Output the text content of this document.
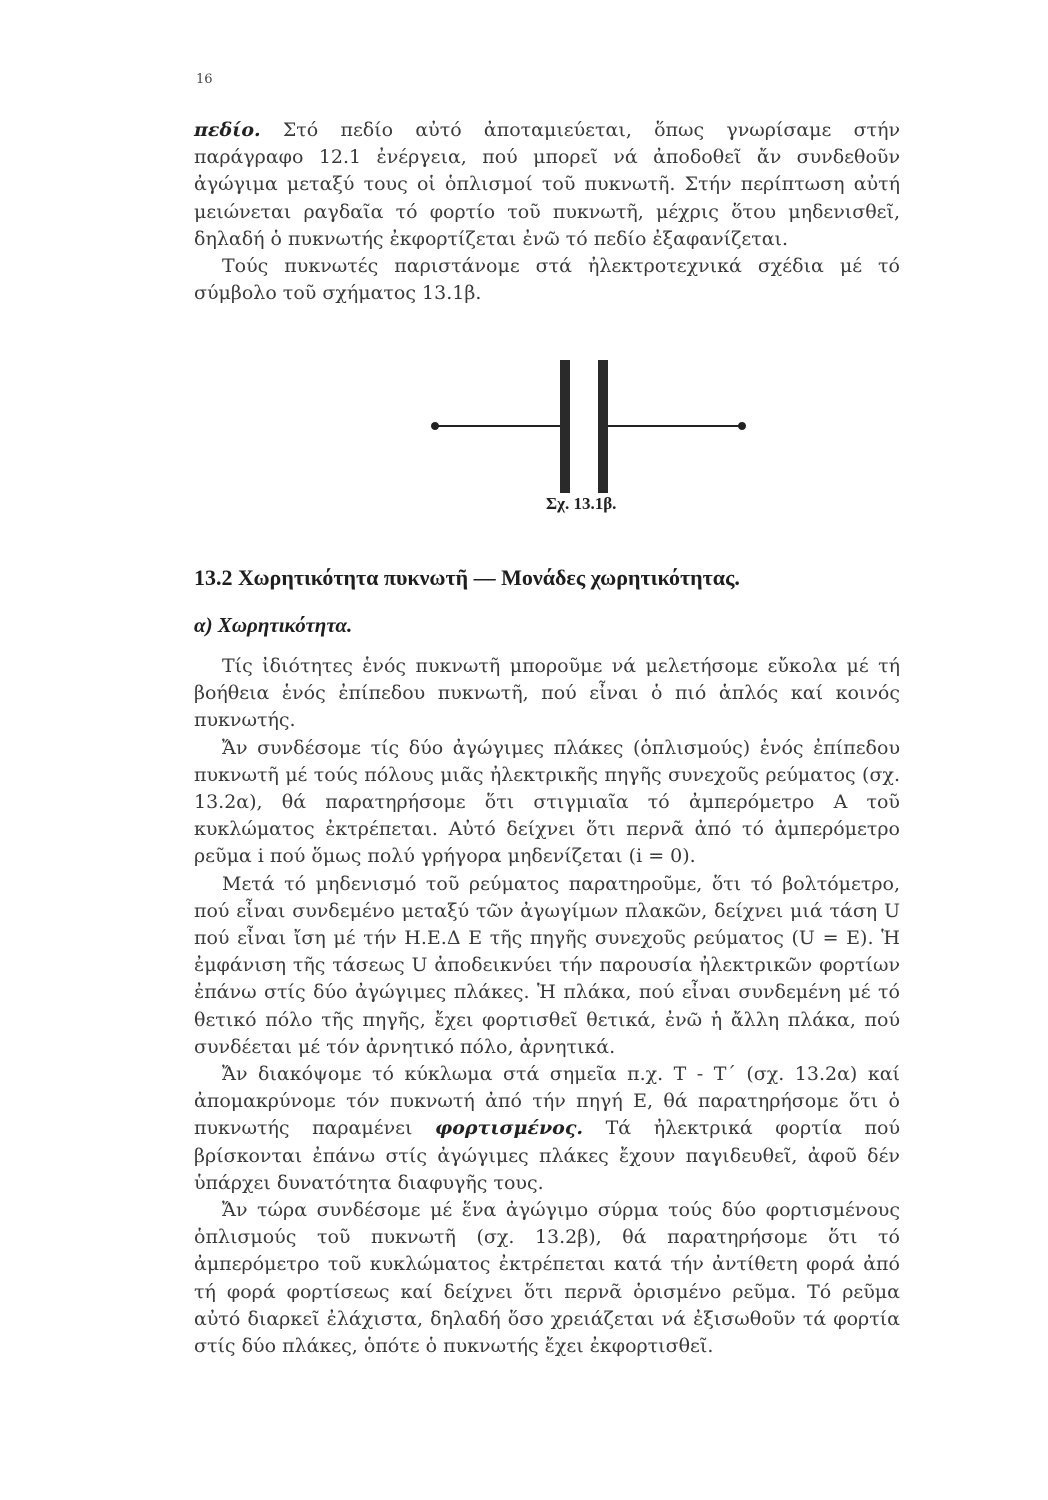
16

πεδίο. Στό πεδίο αὐτό ἀποταμιεύεται, ὅπως γνωρίσαμε στήν παράγραφο 12.1 ἐνέργεια, πού μπορεῖ νά ἀποδοθεῖ ἄν συνδεθοῦν ἀγώγιμα μεταξύ τους οἱ ὁπλισμοί τοῦ πυκνωτῆ. Στήν περίπτωση αὐτή μειώνεται ραγδαῖα τό φορτίο τοῦ πυκνωτῆ, μέχρις ὅτου μηδενισθεῖ, δηλαδή ὁ πυκνωτής ἐκφορτίζεται ἐνῶ τό πεδίο ἐξαφανίζεται.

Τούς πυκνωτές παριστάνομε στά ἠλεκτροτεχνικά σχέδια μέ τό σύμβολο τοῦ σχήματος 13.1β.

Σχ. 13.1β.
13.2 Χωρητικότητα πυκνωτῆ — Μονάδες χωρητικότητας.
α) Χωρητικότητα.

Τίς ἰδιότητες ἑνός πυκνωτῆ μποροῦμε νά μελετήσομε εὔκολα μέ τή βοήθεια ἑνός ἐπίπεδου πυκνωτῆ, πού εἶναι ὁ πιό ἁπλός καί κοινός πυκνωτής.

Ἄν συνδέσομε τίς δύο ἀγώγιμες πλάκες (ὁπλισμούς) ἑνός ἐπίπεδου πυκνωτῆ μέ τούς πόλους μιᾶς ἠλεκτρικῆς πηγῆς συνεχοῦς ρεύματος (σχ. 13.2α), θά παρατηρήσομε ὅτι στιγμιαῖα τό ἀμπερόμετρο Α τοῦ κυκλώματος ἐκτρέπεται. Αὐτό δείχνει ὅτι περνᾶ ἀπό τό ἀμπερόμετρο ρεῦμα i πού ὅμως πολύ γρήγορα μηδενίζεται (i = 0).

Μετά τό μηδενισμό τοῦ ρεύματος παρατηροῦμε, ὅτι τό βολτόμετρο, πού εἶναι συνδεμένο μεταξύ τῶν ἀγωγίμων πλακῶν, δείχνει μιά τάση U πού εἶναι ἴση μέ τήν Η.Ε.Δ Ε τῆς πηγῆς συνεχοῦς ρεύματος (U = E). Ἡ ἐμφάνιση τῆς τάσεως U ἀποδεικνύει τήν παρουσία ἠλεκτρικῶν φορτίων ἐπάνω στίς δύο ἀγώγιμες πλάκες. Ἡ πλάκα, πού εἶναι συνδεμένη μέ τό θετικό πόλο τῆς πηγῆς, ἔχει φορτισθεῖ θετικά, ἐνῶ ἡ ἄλλη πλάκα, πού συνδέεται μέ τόν ἀρνητικό πόλο, ἀρνητικά.

Ἄν διακόψομε τό κύκλωμα στά σημεῖα π.χ. Τ - Τ΄ (σχ. 13.2α) καί ἀπομακρύνομε τόν πυκνωτή ἀπό τήν πηγή Ε, θά παρατηρήσομε ὅτι ὁ πυκνωτής παραμένει φορτισμένος. Τά ἠλεκτρικά φορτία πού βρίσκονται ἐπάνω στίς ἀγώγιμες πλάκες ἔχουν παγιδευθεῖ, ἀφοῦ δέν ὑπάρχει δυνατότητα διαφυγῆς τους.

Ἄν τώρα συνδέσομε μέ ἕνα ἀγώγιμο σύρμα τούς δύο φορτισμένους ὁπλισμούς τοῦ πυκνωτῆ (σχ. 13.2β), θά παρατηρήσομε ὅτι τό ἀμπερόμετρο τοῦ κυκλώματος ἐκτρέπεται κατά τήν ἀντίθετη φορά ἀπό τή φορά φορτίσεως καί δείχνει ὅτι περνᾶ ὁρισμένο ρεῦμα. Τό ρεῦμα αὐτό διαρκεῖ ἐλάχιστα, δηλαδή ὅσο χρειάζεται νά ἐξισωθοῦν τά φορτία στίς δύο πλάκες, ὁπότε ὁ πυκνωτής ἔχει ἐκφορτισθεῖ.
